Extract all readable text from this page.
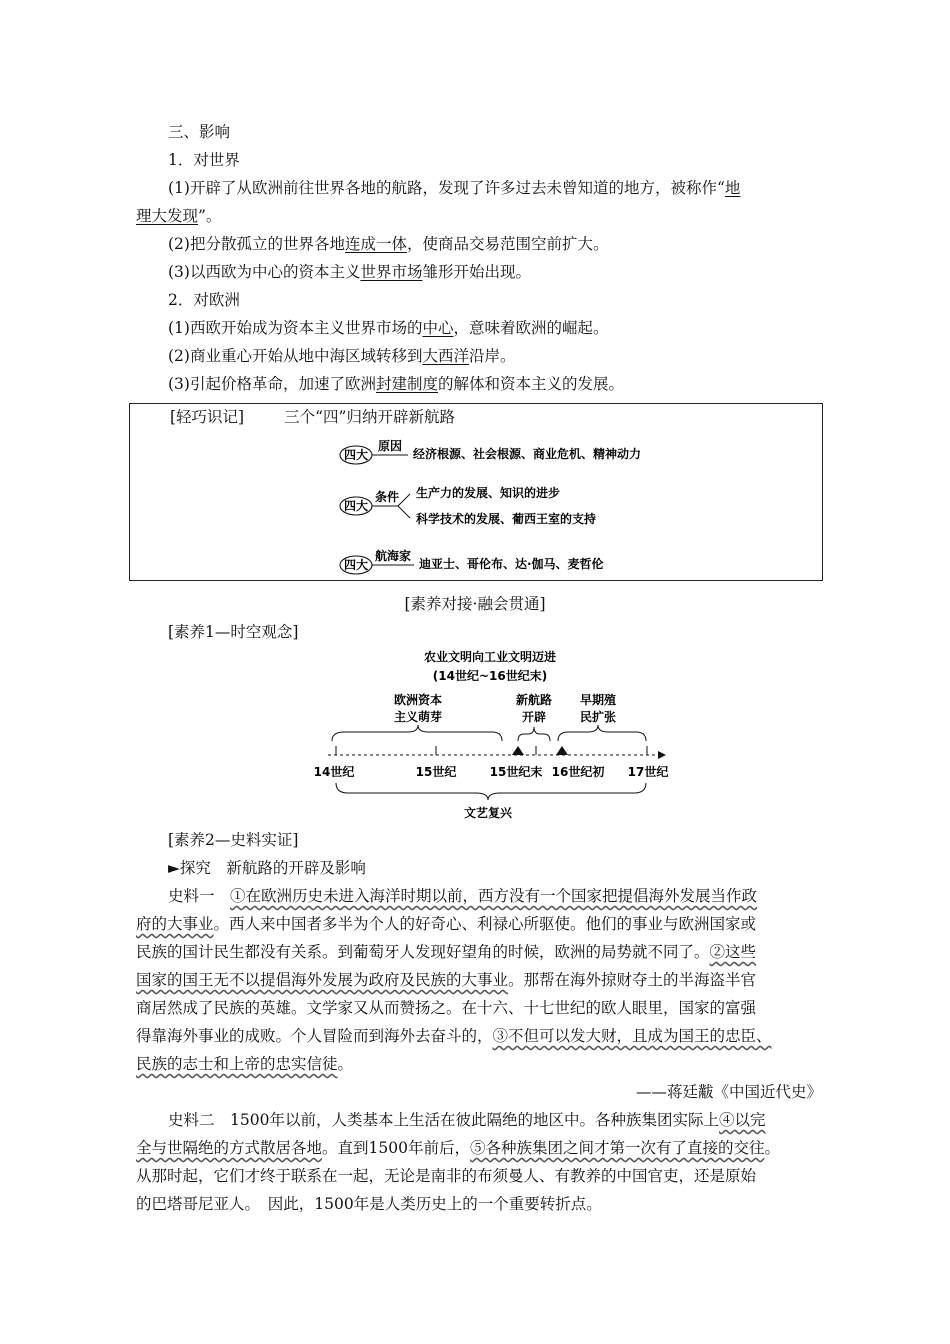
三、影响
1．对世界
(1)开辟了从欧洲前往世界各地的航路，发现了许多过去未曾知道的地方，被称作“地
理大发现”。
(2)把分散孤立的世界各地连成一体，使商品交易范围空前扩大。
(3)以西欧为中心的资本主义世界市场雏形开始出现。
2．对欧洲
(1)西欧开始成为资本主义世界市场的中心，意味着欧洲的崛起。
(2)商业重心开始从地中海区域转移到大西洋沿岸。
(3)引起价格革命，加速了欧洲封建制度的解体和资本主义的发展。
[轻巧识记]	三个“四”归纳开辟新航路
四大
原因
经济根源、社会根源、商业危机、精神动力
四大
条件 生产力的发展、知识的进步
科学技术的发展、葡西王室的支持
四大
航海家
迪亚士、哥伦布、达·伽马、麦哲伦
[素养对接·融会贯通]
[素养1—时空观念]
农业文明向工业文明迈进
(14世纪~16世纪末)
欧洲资本
主义萌芽
新航路
开辟
早期殖
民扩张
14世纪	15世纪	15世纪末 16世纪初 17世纪
文艺复兴
[素养2—史料实证]
►探究　新航路的开辟及影响
史料一　①在欧洲历史未进入海洋时期以前，西方没有一个国家把提倡海外发展当作政
府的大事业。西人来中国者多半为个人的好奇心、利禄心所驱使。他们的事业与欧洲国家或
民族的国计民生都没有关系。到葡萄牙人发现好望角的时候，欧洲的局势就不同了。②这些
国家的国王无不以提倡海外发展为政府及民族的大事业。那帮在海外掠财夺土的半海盗半官
商居然成了民族的英雄。文学家又从而赞扬之。在十六、十七世纪的欧人眼里，国家的富强
得靠海外事业的成败。个人冒险而到海外去奋斗的，③不但可以发大财，且成为国王的忠臣、
民族的志士和上帝的忠实信徒。
——蒋廷黻《中国近代史》
史料二　1500年以前，人类基本上生活在彼此隔绝的地区中。各种族集团实际上④以完
全与世隔绝的方式散居各地。直到1500年前后，⑤各种族集团之间才第一次有了直接的交往。
从那时起，它们才终于联系在一起，无论是南非的布须曼人、有教养的中国官吏，还是原始
的巴塔哥尼亚人。　因此，1500年是人类历史上的一个重要转折点。
